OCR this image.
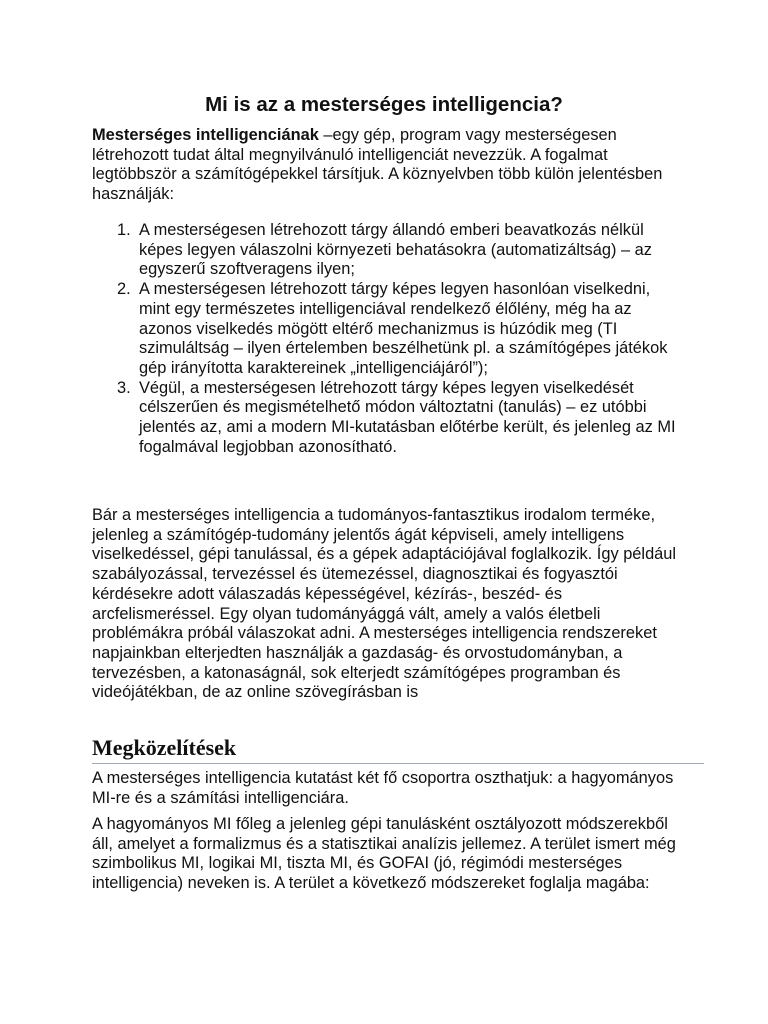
Mi is az a mesterséges intelligencia?

Mesterséges intelligenciának –egy gép, program vagy mesterségesen létrehozott tudat által megnyilvánuló intelligenciát nevezzük. A fogalmat legtöbbször a számítógépekkel társítjuk. A köznyelvben több külön jelentésben használják:

1. A mesterségesen létrehozott tárgy állandó emberi beavatkozás nélkül képes legyen válaszolni környezeti behatásokra (automatizáltság) – az egyszerű szoftveragens ilyen;
2. A mesterségesen létrehozott tárgy képes legyen hasonlóan viselkedni, mint egy természetes intelligenciával rendelkező élőlény, még ha az azonos viselkedés mögött eltérő mechanizmus is húzódik meg (TI szimuláltság – ilyen értelemben beszélhetünk pl. a számítógépes játékok gép irányította karaktereinek „intelligenciájáról”);
3. Végül, a mesterségesen létrehozott tárgy képes legyen viselkedését célszerűen és megismételhető módon változtatni (tanulás) – ez utóbbi jelentés az, ami a modern MI-kutatásban előtérbe került, és jelenleg az MI fogalmával legjobban azonosítható.

Bár a mesterséges intelligencia a tudományos-fantasztikus irodalom terméke, jelenleg a számítógép-tudomány jelentős ágát képviseli, amely intelligens viselkedéssel, gépi tanulással, és a gépek adaptációjával foglalkozik. Így például szabályozással, tervezéssel és ütemezéssel, diagnosztikai és fogyasztói kérdésekre adott válaszadás képességével, kézírás-, beszéd- és arcfelismeréssel. Egy olyan tudományággá vált, amely a valós életbeli problémákra próbál válaszokat adni. A mesterséges intelligencia rendszereket napjainkban elterjedten használják a gazdaság- és orvostudományban, a tervezésben, a katonaságnál, sok elterjedt számítógépes programban és videójátékban, de az online szövegírásban is

Megközelítések

A mesterséges intelligencia kutatást két fő csoportra oszthatjuk: a hagyományos MI-re és a számítási intelligenciára.

A hagyományos MI főleg a jelenleg gépi tanulásként osztályozott módszerekből áll, amelyet a formalizmus és a statisztikai analízis jellemez. A terület ismert még szimbolikus MI, logikai MI, tiszta MI, és GOFAI (jó, régimódi mesterséges intelligencia) neveken is. A terület a következő módszereket foglalja magába:
